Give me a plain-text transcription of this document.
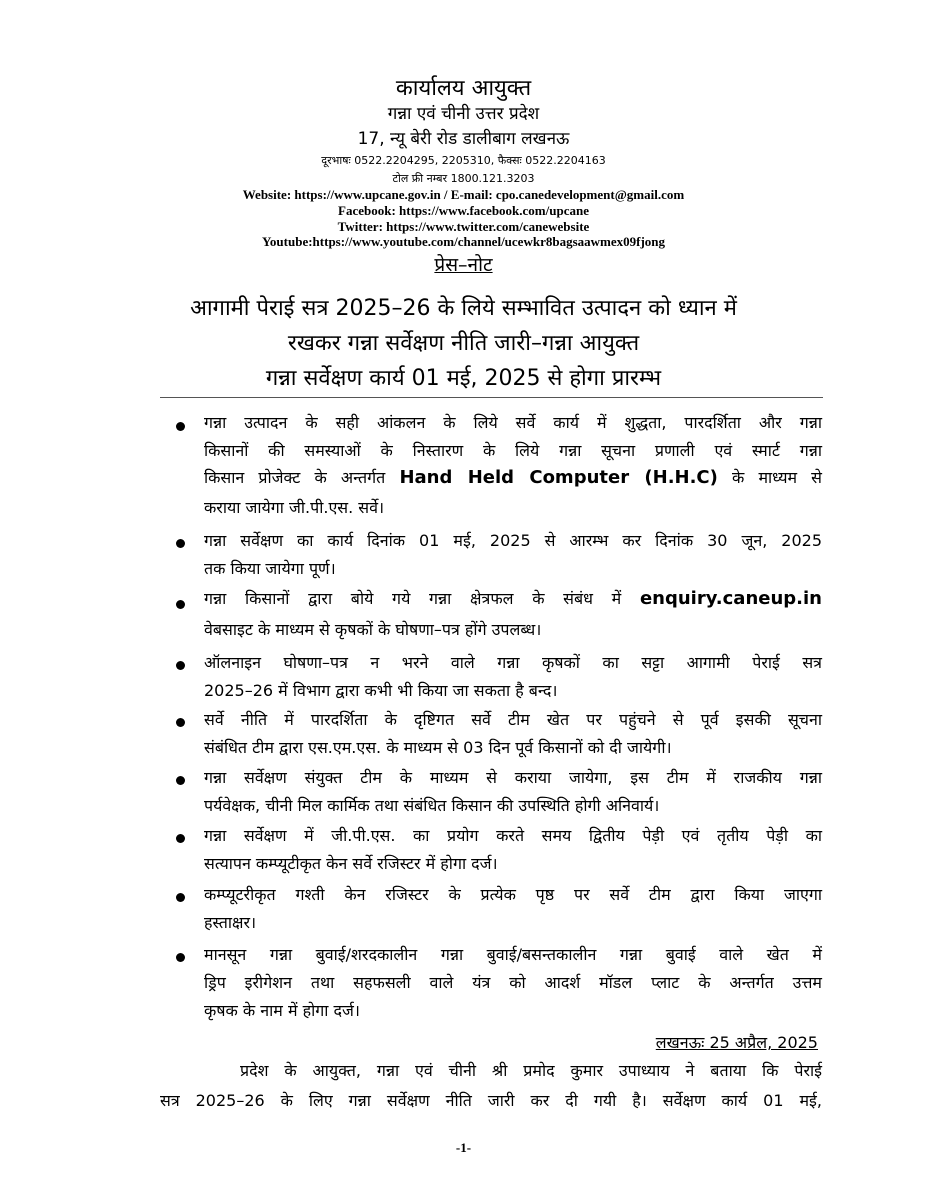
कार्यालय आयुक्त
गन्ना एवं चीनी उत्तर प्रदेश
17, न्यू बेरी रोड डालीबाग लखनऊ
दूरभाषः 0522.2204295, 2205310, फैक्सः 0522.2204163
टोल फ्री नम्बर 1800.121.3203
Website: https://www.upcane.gov.in / E-mail: cpo.canedevelopment@gmail.com
Facebook: https://www.facebook.com/upcane
Twitter: https://www.twitter.com/canewebsite
Youtube:https://www.youtube.com/channel/ucewkr8bagsaawmex09fjong
प्रेस–नोट
आगामी पेराई सत्र 2025–26 के लिये सम्भावित उत्पादन को ध्यान में
रखकर गन्ना सर्वेक्षण नीति जारी–गन्ना आयुक्त
गन्ना सर्वेक्षण कार्य 01 मई, 2025 से होगा प्रारम्भ
गन्ना उत्पादन के सही आंकलन के लिये सर्वे कार्य में शुद्धता, पारदर्शिता और गन्ना
किसानों की समस्याओं के निस्तारण के लिये गन्ना सूचना प्रणाली एवं स्मार्ट गन्ना
किसान प्रोजेक्ट के अन्तर्गत Hand Held Computer (H.H.C) के माध्यम से
कराया जायेगा जी.पी.एस. सर्वे।
गन्ना सर्वेक्षण का कार्य दिनांक 01 मई, 2025 से आरम्भ कर दिनांक 30 जून, 2025
तक किया जायेगा पूर्ण।
गन्ना किसानों द्वारा बोये गये गन्ना क्षेत्रफल के संबंध में enquiry.caneup.in
वेबसाइट के माध्यम से कृषकों के घोषणा–पत्र होंगे उपलब्ध।
ऑलनाइन घोषणा–पत्र न भरने वाले गन्ना कृषकों का सट्टा आगामी पेराई सत्र
2025–26 में विभाग द्वारा कभी भी किया जा सकता है बन्द।
सर्वे नीति में पारदर्शिता के दृष्टिगत सर्वे टीम खेत पर पहुंचने से पूर्व इसकी सूचना
संबंधित टीम द्वारा एस.एम.एस. के माध्यम से 03 दिन पूर्व किसानों को दी जायेगी।
गन्ना सर्वेक्षण संयुक्त टीम के माध्यम से कराया जायेगा, इस टीम में राजकीय गन्ना
पर्यवेक्षक, चीनी मिल कार्मिक तथा संबंधित किसान की उपस्थिति होगी अनिवार्य।
गन्ना सर्वेक्षण में जी.पी.एस. का प्रयोग करते समय द्वितीय पेड़ी एवं तृतीय पेड़ी का
सत्यापन कम्प्यूटीकृत केन सर्वे रजिस्टर में होगा दर्ज।
कम्प्यूटरीकृत गश्ती केन रजिस्टर के प्रत्येक पृष्ठ पर सर्वे टीम द्वारा किया जाएगा
हस्ताक्षर।
मानसून गन्ना बुवाई/शरदकालीन गन्ना बुवाई/बसन्तकालीन गन्ना बुवाई वाले खेत में
ड्रिप इरीगेशन तथा सहफसली वाले यंत्र को आदर्श मॉडल प्लाट के अन्तर्गत उत्तम
कृषक के नाम में होगा दर्ज।
लखनऊः 25 अप्रैल, 2025
प्रदेश के आयुक्त, गन्ना एवं चीनी श्री प्रमोद कुमार उपाध्याय ने बताया कि पेराई
सत्र 2025–26 के लिए गन्ना सर्वेक्षण नीति जारी कर दी गयी है। सर्वेक्षण कार्य 01 मई,
-1-
